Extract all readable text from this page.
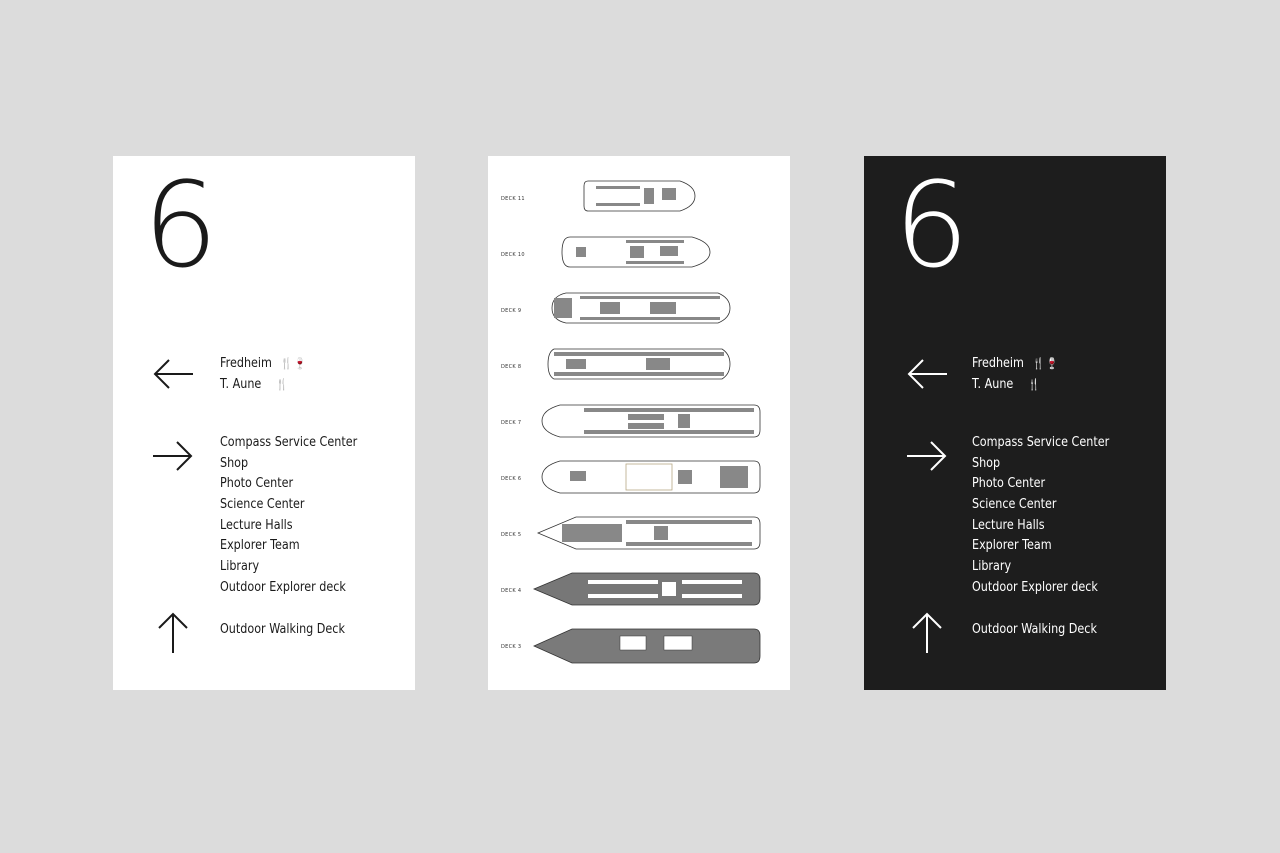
6
Fredheim 🍴🍷
T. Aune 🍴
Compass Service Center
Shop
Photo Center
Science Center
Lecture Halls
Explorer Team
Library
Outdoor Explorer deck
Outdoor Walking Deck
DECK 11
DECK 10
DECK 9
DECK 8
DECK 7
DECK 6
DECK 5
DECK 4
DECK 3
6
Fredheim 🍴🍷
T. Aune 🍴
Compass Service Center
Shop
Photo Center
Science Center
Lecture Halls
Explorer Team
Library
Outdoor Explorer deck
Outdoor Walking Deck
